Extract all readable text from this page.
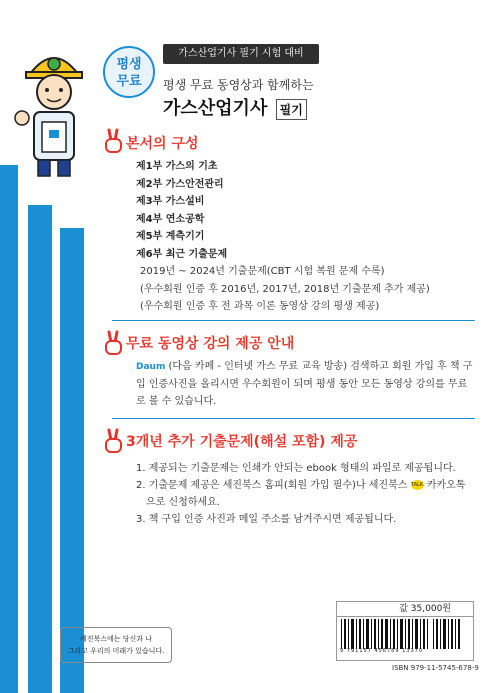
평생
무료
가스산업기사 필기 시험 대비
평생 무료 동영상과 함께하는
가스산업기사 필기
본서의 구성
제1부 가스의 기초
제2부 가스안전관리
제3부 가스설비
제4부 연소공학
제5부 계측기기
제6부 최근 기출문제
2019년 ~ 2024년 기출문제(CBT 시험 복원 문제 수록)
(우수회원 인증 후 2016년, 2017년, 2018년 기출문제 추가 제공)
(우수회원 인증 후 전 과목 이론 동영상 강의 평생 제공)
무료 동영상 강의 제공 안내
Daum (다음 카페 - 인터넷 가스 무료 교육 방송) 검색하고 회원 가입 후 책 구입 인증사진을 올리시면 우수회원이 되며 평생 동안 모든 동영상 강의를 무료로 볼 수 있습니다.
3개년 추가 기출문제(해설 포함) 제공
1. 제공되는 기출문제는 인쇄가 안되는 ebook 형태의 파일로 제공됩니다.
2. 기출문제 제공은 세진북스 홈피(회원 가입 필수)나 세진북스 TALK 카카오톡
으로 신청하세요.
3. 책 구입 인증 사진과 메일 주소를 남겨주시면 제공됩니다.
세진북스에는 당신과 나
그리고 우리의 미래가 있습니다.
값 35,000원
9 791157 456789 13370
ISBN 979-11-5745-678-9
